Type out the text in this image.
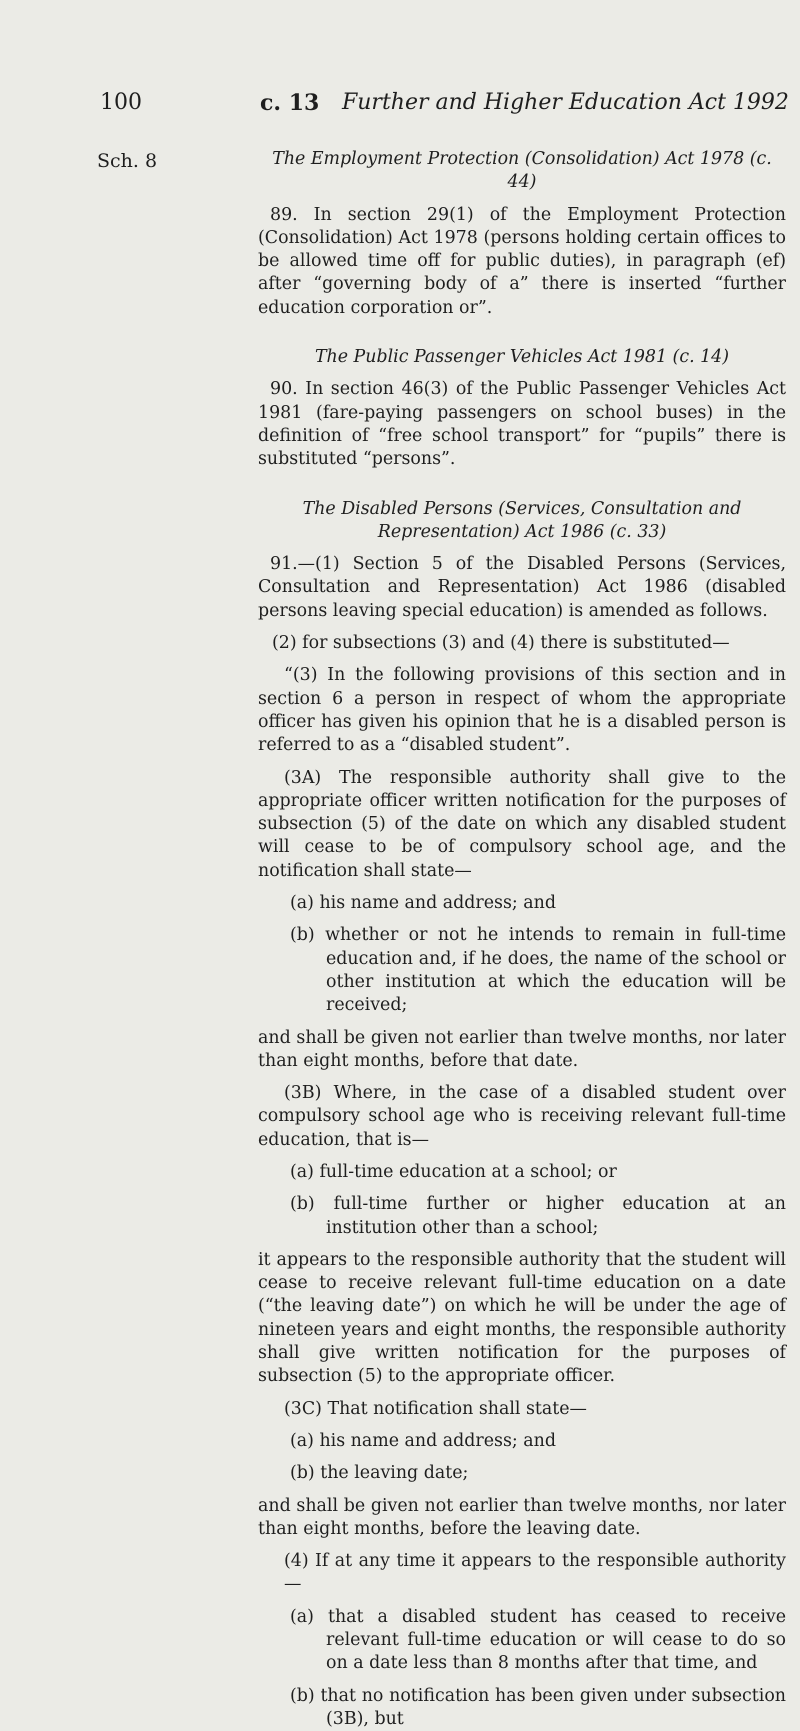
100	c. 13 Further and Higher Education Act 1992
Sch. 8	The Employment Protection (Consolidation) Act 1978 (c. 44)

89. In section 29(1) of the Employment Protection (Consolidation) Act 1978 (persons holding certain offices to be allowed time off for public duties), in paragraph (ef) after “governing body of a” there is inserted “further education corporation or”.

The Public Passenger Vehicles Act 1981 (c. 14)

90. In section 46(3) of the Public Passenger Vehicles Act 1981 (fare-paying passengers on school buses) in the definition of “free school transport” for “pupils” there is substituted “persons”.

The Disabled Persons (Services, Consultation and Representation) Act 1986 (c. 33)

91.—(1) Section 5 of the Disabled Persons (Services, Consultation and Representation) Act 1986 (disabled persons leaving special education) is amended as follows.

(2) for subsections (3) and (4) there is substituted—

“(3) In the following provisions of this section and in section 6 a person in respect of whom the appropriate officer has given his opinion that he is a disabled person is referred to as a “disabled student”.

(3A) The responsible authority shall give to the appropriate officer written notification for the purposes of subsection (5) of the date on which any disabled student will cease to be of compulsory school age, and the notification shall state—

(a) his name and address; and

(b) whether or not he intends to remain in full-time education and, if he does, the name of the school or other institution at which the education will be received;

and shall be given not earlier than twelve months, nor later than eight months, before that date.

(3B) Where, in the case of a disabled student over compulsory school age who is receiving relevant full-time education, that is—

(a) full-time education at a school; or

(b) full-time further or higher education at an institution other than a school;

it appears to the responsible authority that the student will cease to receive relevant full-time education on a date (“the leaving date”) on which he will be under the age of nineteen years and eight months, the responsible authority shall give written notification for the purposes of subsection (5) to the appropriate officer.

(3C) That notification shall state—

(a) his name and address; and

(b) the leaving date;

and shall be given not earlier than twelve months, nor later than eight months, before the leaving date.

(4) If at any time it appears to the responsible authority—

(a) that a disabled student has ceased to receive relevant full-time education or will cease to do so on a date less than 8 months after that time, and

(b) that no notification has been given under subsection (3B), but
